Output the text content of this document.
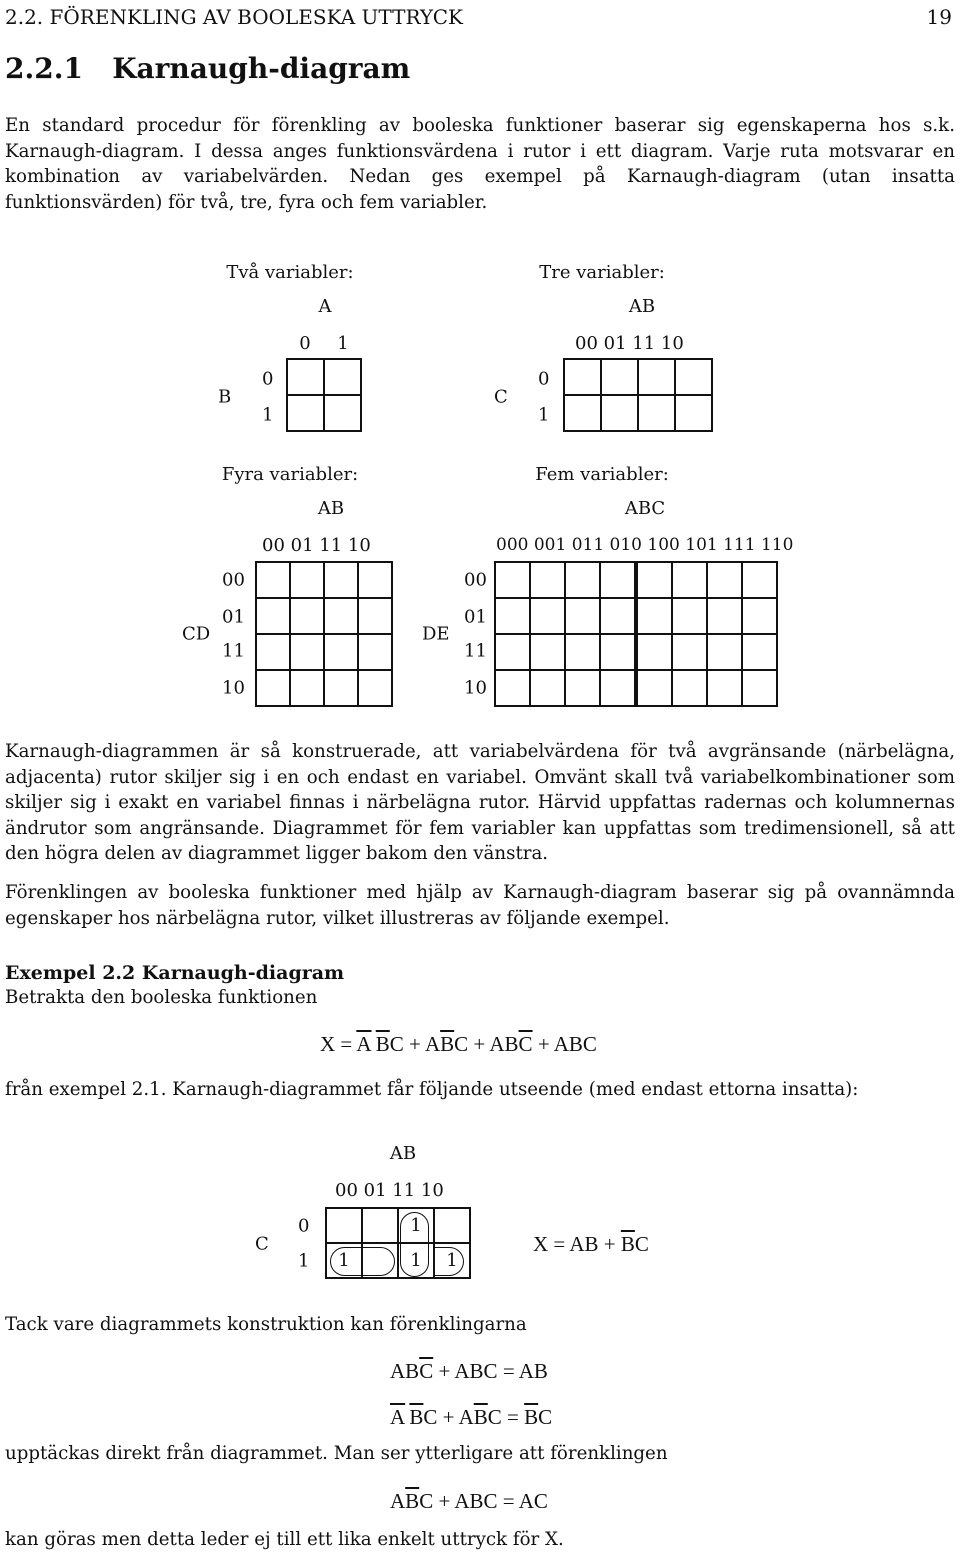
2.2. FÖRENKLING AV BOOLESKA UTTRYCK	19
2.2.1 Karnaugh-diagram
En standard procedur för förenkling av booleska funktioner baserar sig egenskaperna hos s.k. Karnaugh-diagram. I dessa anges funktionsvärdena i rutor i ett diagram. Varje ruta motsvarar en kombination av variabelvärden. Nedan ges exempel på Karnaugh-diagram (utan insatta funktionsvärden) för två, tre, fyra och fem variabler.
Två variabler:
A
0 1
B
0
1

Tre variabler:
AB
00 01 11 10
C
0
1

Fyra variabler:
AB
00 01 11 10
CD
00
01
11
10

Fem variabler:
ABC
000 001 011 010 100 101 111 110
DE
00
01
11
10

Karnaugh-diagrammen är så konstruerade, att variabelvärdena för två avgränsande (närbelägna, adjacenta) rutor skiljer sig i en och endast en variabel. Omvänt skall två variabelkombinationer som skiljer sig i exakt en variabel finnas i närbelägna rutor. Härvid uppfattas radernas och kolumnernas ändrutor som angränsande. Diagrammet för fem variabler kan uppfattas som tredimensionell, så att den högra delen av diagrammet ligger bakom den vänstra.
Förenklingen av booleska funktioner med hjälp av Karnaugh-diagram baserar sig på ovannämnda egenskaper hos närbelägna rutor, vilket illustreras av följande exempel.
Exempel 2.2 Karnaugh-diagram
Betrakta den booleska funktionen
$X = \overline{A}$  $\overline{B}C + A\overline{B}C + AB\overline{C}$ + ABC
från exempel 2.1. Karnaugh-diagrammet får följande utseende (med endast ettorna insatta):
AB
00 01 11 10
C
0
1
		1	
1		1	1
X = AB + $\overline{B}C$
Tack vare diagrammets konstruktion kan förenklingarna
$AB\overline{C}$ + ABC = AB
$\overline{A}$  $\overline{B}C + A\overline{B}C = \overline{B}C$
upptäckas direkt från diagrammet. Man ser ytterligare att förenklingen
$A\overline{B}C$ + ABC = AC
kan göras men detta leder ej till ett lika enkelt uttryck för X.
